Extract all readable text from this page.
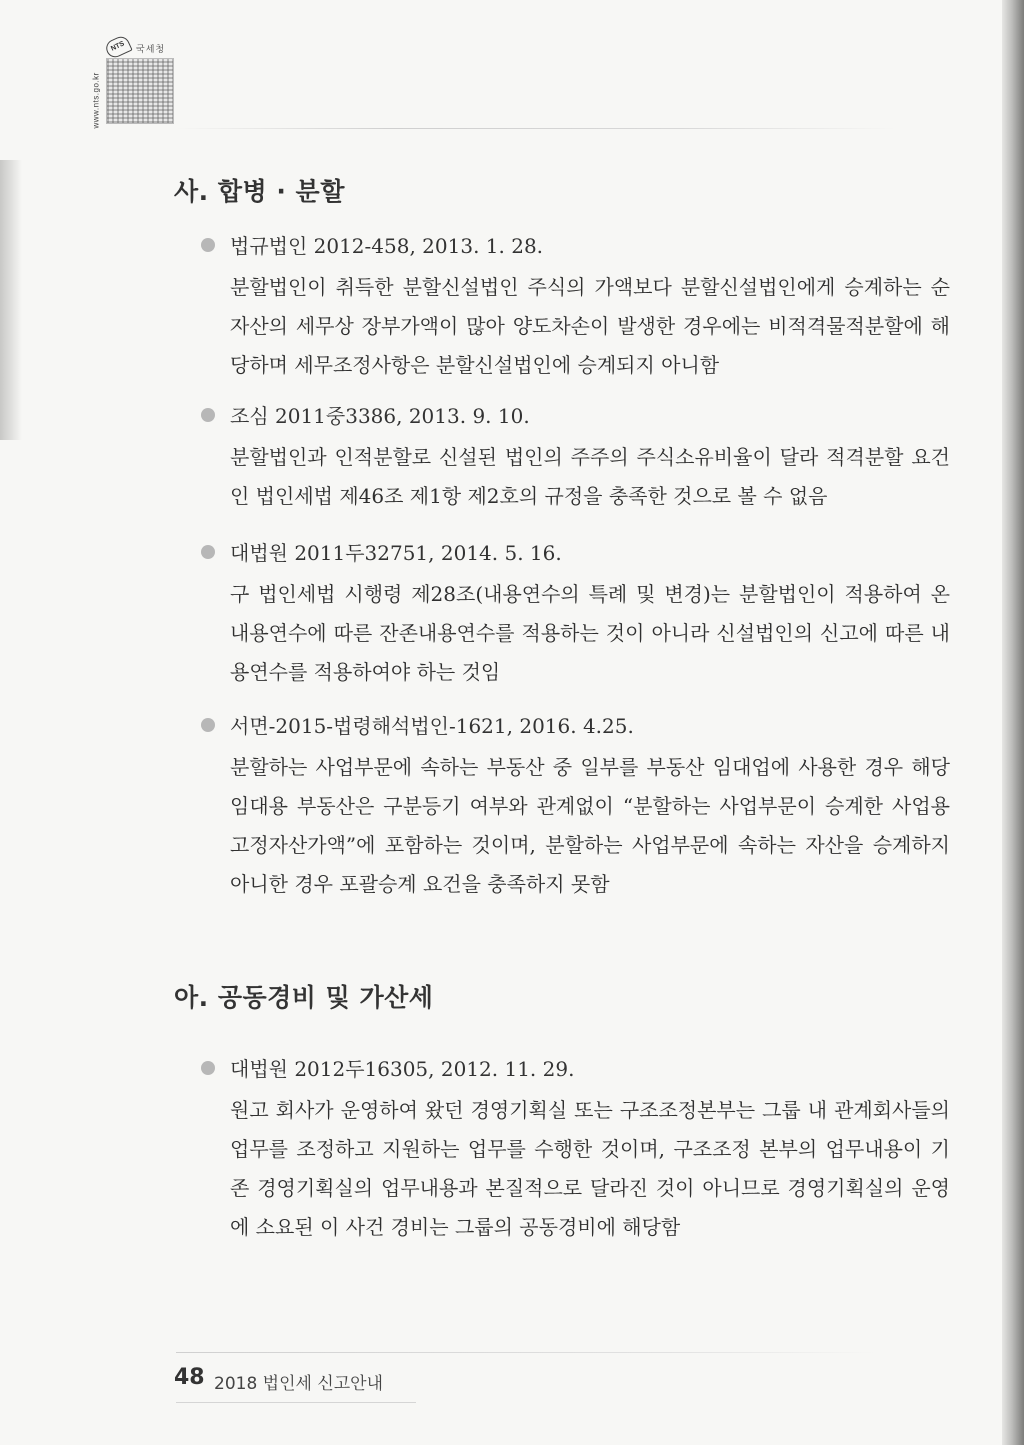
www.nts.go.kr
NTS	국세청
사. 합병 · 분할
법규법인 2012-458, 2013. 1. 28.

분할법인이 취득한 분할신설법인 주식의 가액보다 분할신설법인에게 승계하는 순자산의 세무상 장부가액이 많아 양도차손이 발생한 경우에는 비적격물적분할에 해당하며 세무조정사항은 분할신설법인에 승계되지 아니함

조심 2011중3386, 2013. 9. 10.

분할법인과 인적분할로 신설된 법인의 주주의 주식소유비율이 달라 적격분할 요건인 법인세법 제46조 제1항 제2호의 규정을 충족한 것으로 볼 수 없음

대법원 2011두32751, 2014. 5. 16.

구 법인세법 시행령 제28조(내용연수의 특례 및 변경)는 분할법인이 적용하여 온 내용연수에 따른 잔존내용연수를 적용하는 것이 아니라 신설법인의 신고에 따른 내용연수를 적용하여야 하는 것임

서면-2015-법령해석법인-1621, 2016. 4.25.

분할하는 사업부문에 속하는 부동산 중 일부를 부동산 임대업에 사용한 경우 해당 임대용 부동산은 구분등기 여부와 관계없이 “분할하는 사업부문이 승계한 사업용 고정자산가액”에 포함하는 것이며, 분할하는 사업부문에 속하는 자산을 승계하지 아니한 경우 포괄승계 요건을 충족하지 못함

아. 공동경비 및 가산세
대법원 2012두16305, 2012. 11. 29.

원고 회사가 운영하여 왔던 경영기획실 또는 구조조정본부는 그룹 내 관계회사들의 업무를 조정하고 지원하는 업무를 수행한 것이며, 구조조정 본부의 업무내용이 기존 경영기획실의 업무내용과 본질적으로 달라진 것이 아니므로 경영기획실의 운영에 소요된 이 사건 경비는 그룹의 공동경비에 해당함

48 2018 법인세 신고안내
